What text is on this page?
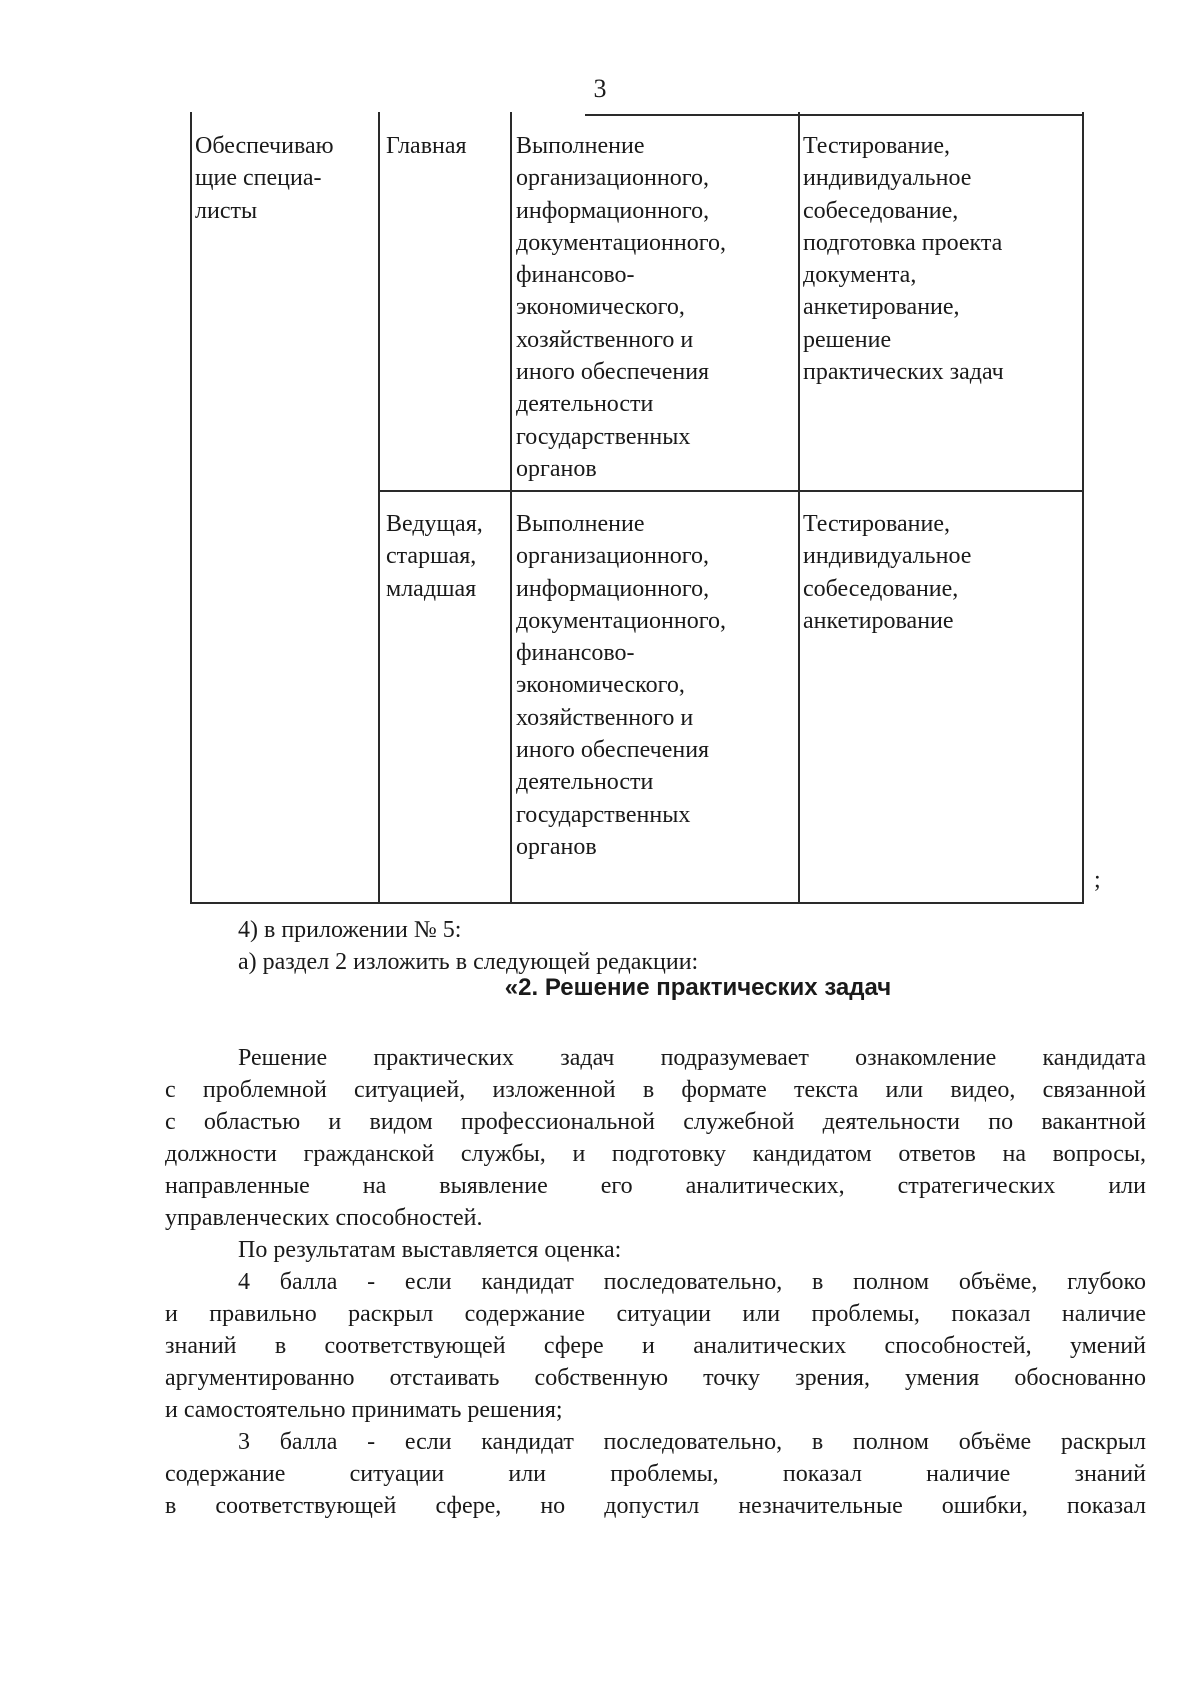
3
Обеспечиваю
щие специа-
листы
Главная Выполнение
организационного,
информационного,
документационного,
финансово-
экономического,
хозяйственного и
иного обеспечения
деятельности
государственных
органов
Тестирование,
индивидуальное
собеседование,
подготовка проекта
документа,
анкетирование,
решение
практических задач
Ведущая,
старшая,
младшая
Выполнение
организационного,
информационного,
документационного,
финансово-
экономического,
хозяйственного и
иного обеспечения
деятельности
государственных
органов
Тестирование,
индивидуальное
собеседование,
анкетирование
;

4) в приложении № 5:

а) раздел 2 изложить в следующей редакции:

«2. Решение практических задач

Решение практических задач подразумевает ознакомление кандидата

с проблемной ситуацией, изложенной в формате текста или видео, связанной

с областью и видом профессиональной служебной деятельности по вакантной

должности гражданской службы, и подготовку кандидатом ответов на вопросы,

направленные на выявление его аналитических, стратегических или

управленческих способностей.

По результатам выставляется оценка:

4 балла - если кандидат последовательно, в полном объёме, глубоко

и правильно раскрыл содержание ситуации или проблемы, показал наличие

знаний в соответствующей сфере и аналитических способностей, умений

аргументированно отстаивать собственную точку зрения, умения обоснованно

и самостоятельно принимать решения;

3 балла - если кандидат последовательно, в полном объёме раскрыл

содержание ситуации или проблемы, показал наличие знаний

в соответствующей сфере, но допустил незначительные ошибки, показал
